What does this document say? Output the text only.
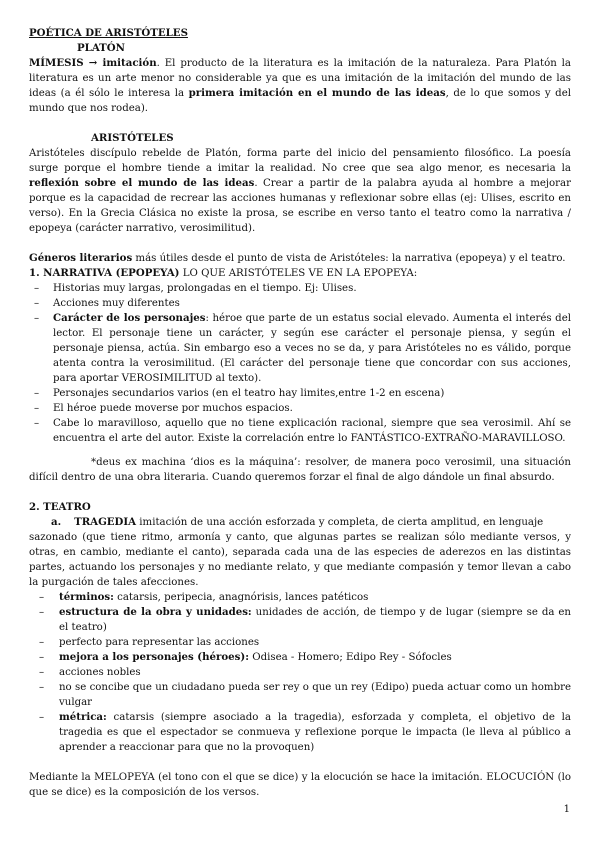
POÉTICA DE ARISTÓTELES

PLATÓN

MÍMESIS → imitación. El producto de la literatura es la imitación de la naturaleza. Para Platón la literatura es un arte menor no considerable ya que es una imitación de la imitación del mundo de las ideas (a él sólo le interesa la primera imitación en el mundo de las ideas, de lo que somos y del mundo que nos rodea).

ARISTÓTELES

Aristóteles discípulo rebelde de Platón, forma parte del inicio del pensamiento filosófico. La poesía surge porque el hombre tiende a imitar la realidad. No cree que sea algo menor, es necesaria la reflexión sobre el mundo de las ideas. Crear a partir de la palabra ayuda al hombre a mejorar porque es la capacidad de recrear las acciones humanas y reflexionar sobre ellas (ej: Ulises, escrito en verso). En la Grecia Clásica no existe la prosa, se escribe en verso tanto el teatro como la narrativa / epopeya (carácter narrativo, verosimilitud).

Géneros literarios más útiles desde el punto de vista de Aristóteles: la narrativa (epopeya) y el teatro.

1. NARRATIVA (EPOPEYA) LO QUE ARISTÓTELES VE EN LA EPOPEYA:

– Historias muy largas, prolongadas en el tiempo. Ej: Ulises.
– Acciones muy diferentes
– Carácter de los personajes: héroe que parte de un estatus social elevado. Aumenta el interés del lector. El personaje tiene un carácter, y según ese carácter el personaje piensa, y según el personaje piensa, actúa. Sin embargo eso a veces no se da, y para Aristóteles no es válido, porque atenta contra la verosimilitud. (El carácter del personaje tiene que concordar con sus acciones, para aportar VEROSIMILITUD al texto).
– Personajes secundarios varios (en el teatro hay limites,entre 1-2 en escena)
– El héroe puede moverse por muchos espacios.
– Cabe lo maravilloso, aquello que no tiene explicación racional, siempre que sea verosimil. Ahí se encuentra el arte del autor. Existe la correlación entre lo FANTÁSTICO-EXTRAÑO-MARAVILLOSO.

*deus ex machina ‘dios es la máquina’: resolver, de manera poco verosimil, una situación difícil dentro de una obra literaria. Cuando queremos forzar el final de algo dándole un final absurdo.

2. TEATRO

a. TRAGEDIA imitación de una acción esforzada y completa, de cierta amplitud, en lenguaje

sazonado (que tiene ritmo, armonía y canto, que algunas partes se realizan sólo mediante versos, y otras, en cambio, mediante el canto), separada cada una de las especies de aderezos en las distintas partes, actuando los personajes y no mediante relato, y que mediante compasión y temor llevan a cabo la purgación de tales afecciones.

– términos: catarsis, peripecia, anagnórisis, lances patéticos
– estructura de la obra y unidades: unidades de acción, de tiempo y de lugar (siempre se da en el teatro)
– perfecto para representar las acciones
– mejora a los personajes (héroes): Odisea - Homero; Edipo Rey - Sófocles
– acciones nobles
– no se concibe que un ciudadano pueda ser rey o que un rey (Edipo) pueda actuar como un hombre vulgar
– métrica: catarsis (siempre asociado a la tragedia), esforzada y completa, el objetivo de la tragedia es que el espectador se conmueva y reflexione porque le impacta (le lleva al público a aprender a reaccionar para que no la provoquen)

Mediante la MELOPEYA (el tono con el que se dice) y la elocución se hace la imitación. ELOCUCIÓN (lo que se dice) es la composición de los versos.

1
